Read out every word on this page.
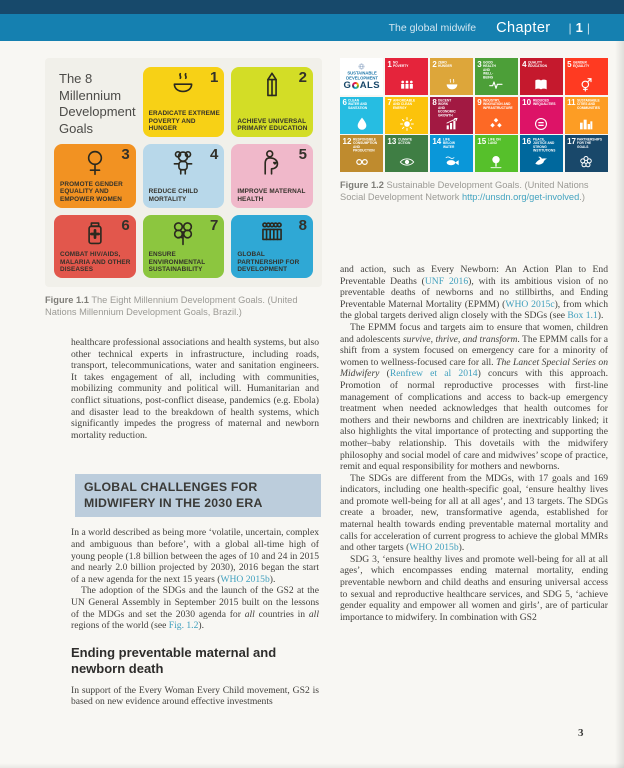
The global midwife Chapter | 1 |
The 8 Millennium Development Goals
1
ERADICATE EXTREME POVERTY AND HUNGER
2
ACHIEVE UNIVERSAL PRIMARY EDUCATION
3
PROMOTE GENDER EQUALITY AND EMPOWER WOMEN
4
REDUCE CHILD MORTALITY
5
IMPROVE MATERNAL HEALTH
6
COMBAT HIV/AIDS, MALARIA AND OTHER DISEASES
7
ENSURE ENVIRONMENTAL SUSTAINABILITY
8
GLOBAL PARTNERSHIP FOR DEVELOPMENT

Figure 1.1 The Eight Millennium Development Goals. (United Nations Millennium Development Goals, Brazil.)

healthcare professional associations and health systems, but also other technical experts in infrastructure, including roads, transport, telecommunications, water and sanitation engineers. It takes engagement of all, including with communities, mobilizing community and political will. Humanitarian and conflict situations, post-conflict disease, pandemics (e.g. Ebola) and disaster lead to the breakdown of health systems, which significantly impedes the progress of maternal and newborn mortality reduction.

GLOBAL CHALLENGES FOR MIDWIFERY IN THE 2030 ERA

In a world described as being more ‘volatile, uncertain, complex and ambiguous than before’, with a global all-time high of young people (1.8 billion between the ages of 10 and 24 in 2015 and nearly 2.0 billion projected by 2030), 2016 began the start of a new agenda for the next 15 years (WHO 2015b).

The adoption of the SDGs and the launch of the GS2 at the UN General Assembly in September 2015 built on the lessons of the MDGs and set the 2030 agenda for all countries in all regions of the world (see Fig. 1.2).

Ending preventable maternal and newborn death

In support of the Every Woman Every Child movement, GS2 is based on new evidence around effective investments

SUSTAINABLE
DEVELOPMENT
G ALS
1 NO POVERTY	2 ZERO HUNGER	3 GOOD HEALTH AND WELL-BEING
4 QUALITY EDUCATION	5 GENDER EQUALITY
6 CLEAN WATER AND SANITATION
7 AFFORDABLE AND CLEAN ENERGY
8 DECENT WORK AND ECONOMIC GROWTH
9 INDUSTRY, INNOVATION AND INFRASTRUCTURE
10 REDUCED INEQUALITIES 11 SUSTAINABLE CITIES AND COMMUNITIES
12 RESPONSIBLE CONSUMPTION AND PRODUCTION
13 CLIMATE ACTION	14 LIFE BELOW WATER
15 LIFE ON LAND	16 PEACE, JUSTICE AND STRONG INSTITUTIONS
17 PARTNERSHIPS FOR THE GOALS

Figure 1.2 Sustainable Development Goals. (United Nations Social Development Network http://unsdn.org/get-involved.)

and action, such as Every Newborn: An Action Plan to End Preventable Deaths (UNF 2016), with its ambitious vision of no preventable deaths of newborns and no stillbirths, and Ending Preventable Maternal Mortality (EPMM) (WHO 2015c), from which the global targets derived align closely with the SDGs (see Box 1.1).

The EPMM focus and targets aim to ensure that women, children and adolescents survive, thrive, and transform. The EPMM calls for a shift from a system focused on emergency care for a minority of women to wellness-focused care for all. The Lancet Special Series on Midwifery (Renfrew et al 2014) concurs with this approach. Promotion of normal reproductive processes with first-line management of complications and access to back-up emergency treatment when needed acknowledges that health outcomes for mothers and their newborns and children are inextricably linked; it also highlights the vital importance of protecting and supporting the mother–baby relationship. This dovetails with the midwifery philosophy and social model of care and midwives’ scope of practice, remit and equal responsibility for mothers and newborns.

The SDGs are different from the MDGs, with 17 goals and 169 indicators, including one health-specific goal, ‘ensure healthy lives and promote well-being for all at all ages’, and 13 targets. The SDGs create a broader, new, transformative agenda, established for maternal health towards ending preventable maternal mortality and calls for acceleration of current progress to achieve the global MMRs and other targets (WHO 2015b).

SDG 3, ‘ensure healthy lives and promote well-being for all at all ages’, which encompasses ending maternal mortality, ending preventable newborn and child deaths and ensuring universal access to sexual and reproductive healthcare services, and SDG 5, ‘achieve gender equality and empower all women and girls’, are of particular importance to midwifery. In combination with GS2

3
